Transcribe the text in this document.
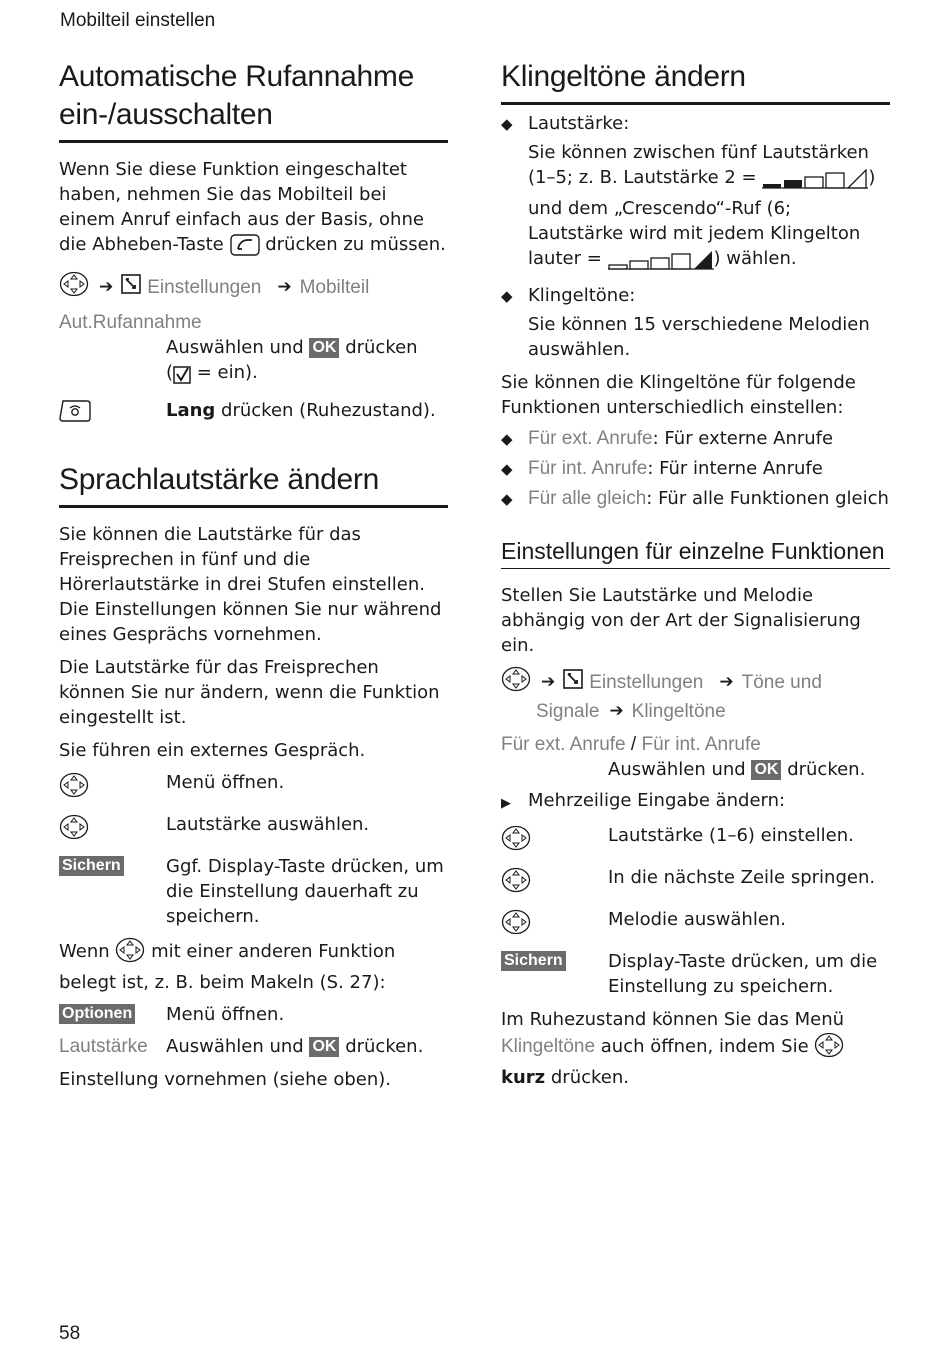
Mobilteil einstellen
Automatische Rufannahme
ein-/ausschalten

Wenn Sie diese Funktion eingeschaltet haben, nehmen Sie das Mobilteil bei einem Anruf einfach aus der Basis, ohne die Abheben-Taste drücken zu müssen.

➔ Einstellungen ➔ Mobilteil
Aut.Rufannahme
Auswählen und OK drücken
( = ein).
Lang drücken (Ruhezustand).
Sprachlautstärke ändern

Sie können die Lautstärke für das Freisprechen in fünf und die Hörerlautstärke in drei Stufen einstellen. Die Einstellungen können Sie nur während eines Gesprächs vornehmen.

Die Lautstärke für das Freisprechen können Sie nur ändern, wenn die Funktion eingestellt ist.

Sie führen ein externes Gespräch.

Menü öffnen.
Lautstärke auswählen.
Sichern	Ggf. Display-Taste drücken, um die Einstellung dauerhaft zu speichern.

Wenn mit einer anderen Funktion belegt ist, z. B. beim Makeln (S. 27):

Optionen Menü öffnen.
Lautstärke Auswählen und OK drücken.

Einstellung vornehmen (siehe oben).

Klingeltöne ändern
◆ Lautstärke:
Sie können zwischen fünf Lautstärken (1–5; z. B. Lautstärke 2 =	) und dem „Crescendo“-Ruf (6; Lautstärke wird mit jedem Klingelton lauter =	) wählen.
◆ Klingeltöne:
Sie können 15 verschiedene Melodien auswählen.

Sie können die Klingeltöne für folgende Funktionen unterschiedlich einstellen:

◆ Für ext. Anrufe: Für externe Anrufe
◆ Für int. Anrufe: Für interne Anrufe
◆ Für alle gleich: Für alle Funktionen gleich
Einstellungen für einzelne Funktionen

Stellen Sie Lautstärke und Melodie abhängig von der Art der Signalisierung ein.

➔ Einstellungen ➔ Töne und
Signale ➔ Klingeltöne
Für ext. Anrufe / Für int. Anrufe
Auswählen und OK drücken.
▶ Mehrzeilige Eingabe ändern:
Lautstärke (1–6) einstellen.
In die nächste Zeile springen.
Melodie auswählen.
Sichern	Display-Taste drücken, um die Einstellung zu speichern.

Im Ruhezustand können Sie das Menü Klingeltöne auch öffnen, indem Sie
kurz drücken.

58
